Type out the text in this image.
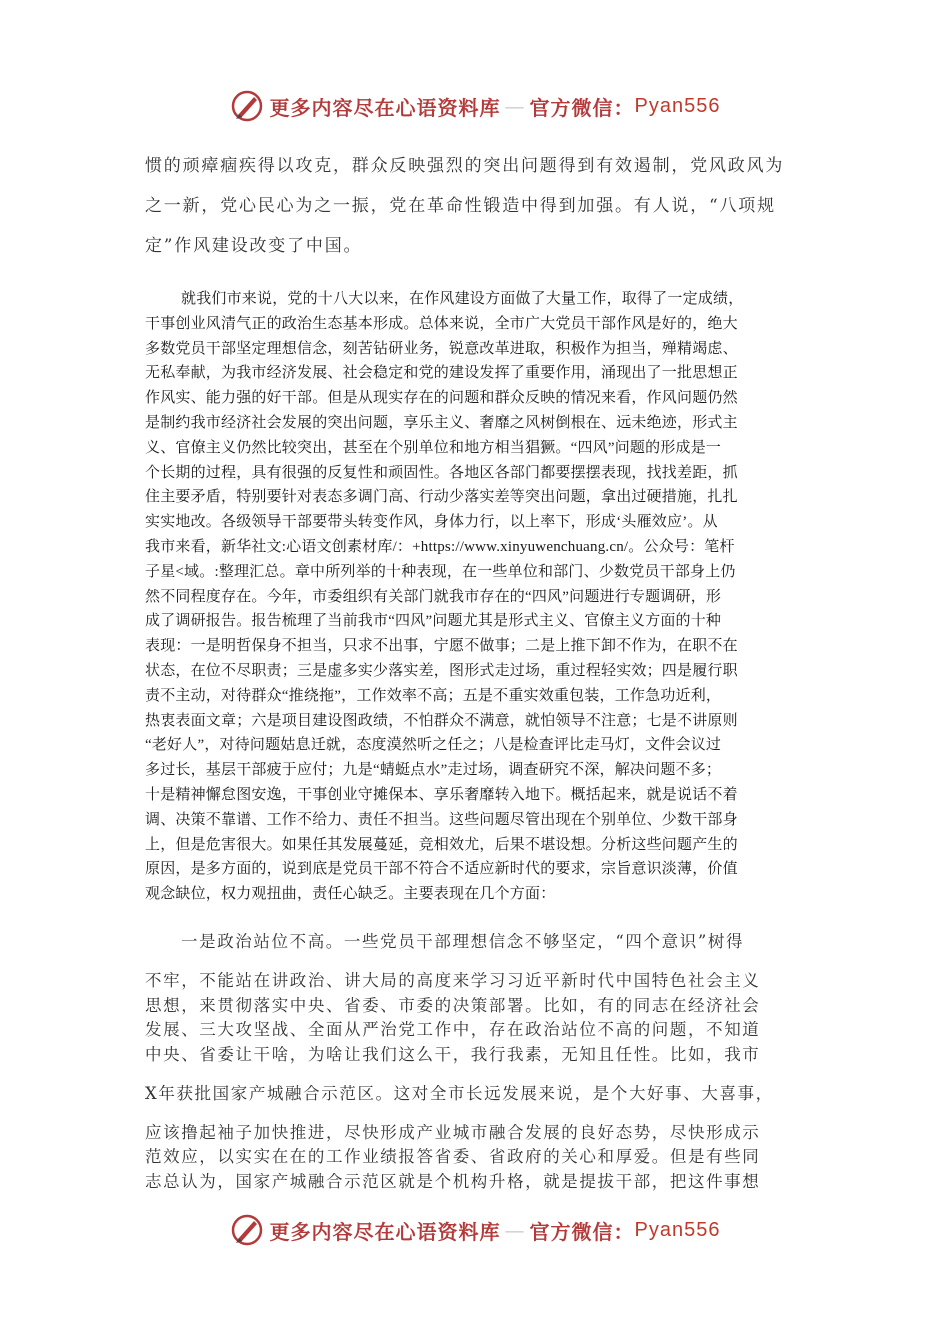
更多内容尽在心语资料库 — 官方微信： Pyan556
惯的顽瘴痼疾得以攻克，群众反映强烈的突出问题得到有效遏制，党风政风为
之一新，党心民心为之一振，党在革命性锻造中得到加强。有人说，“八项规
定”作风建设改变了中国。
就我们市来说，党的十八大以来，在作风建设方面做了大量工作，取得了一定成绩，
干事创业风清气正的政治生态基本形成。总体来说，全市广大党员干部作风是好的，绝大
多数党员干部坚定理想信念，刻苦钻研业务，锐意改革进取，积极作为担当，殚精竭虑、
无私奉献，为我市经济发展、社会稳定和党的建设发挥了重要作用，涌现出了一批思想正
作风实、能力强的好干部。但是从现实存在的问题和群众反映的情况来看，作风问题仍然
是制约我市经济社会发展的突出问题，享乐主义、奢靡之风树倒根在、远未绝迹，形式主
义、官僚主义仍然比较突出，甚至在个别单位和地方相当猖獗。“四风”问题的形成是一
个长期的过程，具有很强的反复性和顽固性。各地区各部门都要摆摆表现，找找差距，抓
住主要矛盾，特别要针对表态多调门高、行动少落实差等突出问题，拿出过硬措施，扎扎
实实地改。各级领导干部要带头转变作风，身体力行，以上率下，形成‘头雁效应’。从
我市来看，新华社文:心语文创素材库/：+https://www.xinyuwenchuang.cn/。公众号：笔杆
子星<域。:整理汇总。章中所列举的十种表现，在一些单位和部门、少数党员干部身上仍
然不同程度存在。今年，市委组织有关部门就我市存在的“四风”问题进行专题调研，形
成了调研报告。报告梳理了当前我市“四风”问题尤其是形式主义、官僚主义方面的十种
表现：一是明哲保身不担当，只求不出事，宁愿不做事；二是上推下卸不作为，在职不在
状态，在位不尽职责；三是虚多实少落实差，图形式走过场，重过程轻实效；四是履行职
责不主动，对待群众“推绕拖”，工作效率不高；五是不重实效重包装，工作急功近利，
热衷表面文章；六是项目建设图政绩，不怕群众不满意，就怕领导不注意；七是不讲原则
“老好人”，对待问题姑息迁就，态度漠然听之任之；八是检查评比走马灯，文件会议过
多过长，基层干部疲于应付；九是“蜻蜓点水”走过场，调查研究不深，解决问题不多；
十是精神懈怠图安逸，干事创业守摊保本、享乐奢靡转入地下。概括起来，就是说话不着
调、决策不靠谱、工作不给力、责任不担当。这些问题尽管出现在个别单位、少数干部身
上，但是危害很大。如果任其发展蔓延，竞相效尤，后果不堪设想。分析这些问题产生的
原因，是多方面的，说到底是党员干部不符合不适应新时代的要求，宗旨意识淡薄，价值
观念缺位，权力观扭曲，责任心缺乏。主要表现在几个方面：
一是政治站位不高。一些党员干部理想信念不够坚定，“四个意识”树得
不牢，不能站在讲政治、讲大局的高度来学习习近平新时代中国特色社会主义
思想，来贯彻落实中央、省委、市委的决策部署。比如，有的同志在经济社会
发展、三大攻坚战、全面从严治党工作中，存在政治站位不高的问题，不知道
中央、省委让干啥，为啥让我们这么干，我行我素，无知且任性。比如，我市
X年获批国家产城融合示范区。这对全市长远发展来说，是个大好事、大喜事，
应该撸起袖子加快推进，尽快形成产业城市融合发展的良好态势，尽快形成示
范效应，以实实在在的工作业绩报答省委、省政府的关心和厚爱。但是有些同
志总认为，国家产城融合示范区就是个机构升格，就是提拔干部，把这件事想
更多内容尽在心语资料库 — 官方微信： Pyan556
